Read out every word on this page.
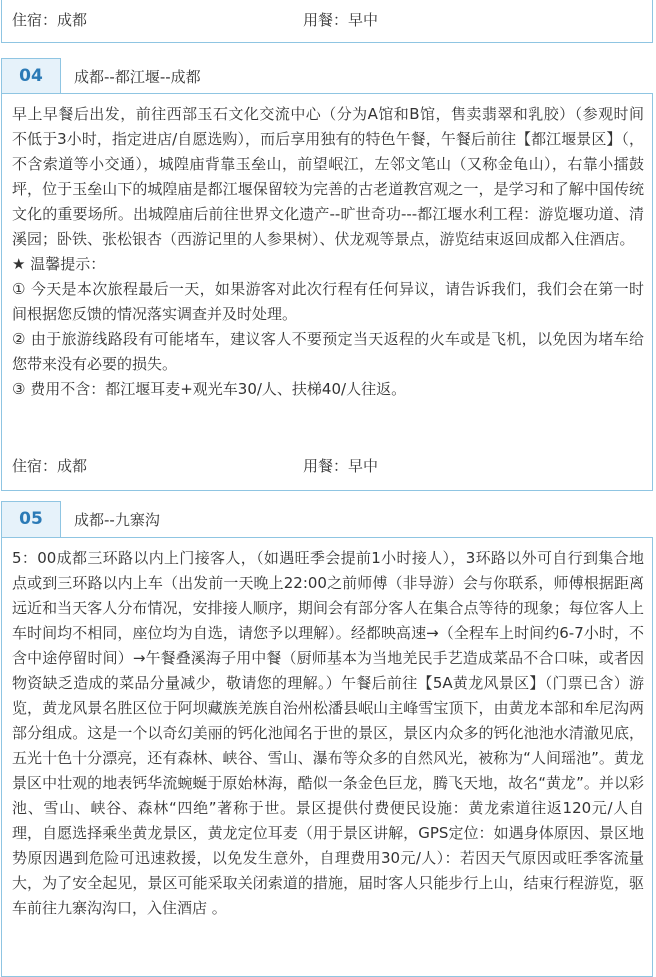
住宿：成都	用餐：早中
04	成都--都江堰--成都

早上早餐后出发，前往西部玉石文化交流中心（分为A馆和B馆，售卖翡翠和乳胶）（参观时间 不低于3小时，指定进店/自愿选购），而后享用独有的特色午餐，午餐后前往【都江堰景区】（，不含索道等小交通），城隍庙背靠玉垒山，前望岷江，左邻文笔山（又称金龟山），右靠小擂鼓坪，位于玉垒山下的城隍庙是都江堰保留较为完善的古老道教宫观之一，是学习和了解中国传统文化的重要场所。出城隍庙后前往世界文化遗产--旷世奇功---都江堰水利工程：游览堰功道、清溪园；卧铁、张松银杏（西游记里的人参果树）、伏龙观等景点，游览结束返回成都入住酒店。

★ 温馨提示：

① 今天是本次旅程最后一天，如果游客对此次行程有任何异议，请告诉我们，我们会在第一时间根据您反馈的情况落实调查并及时处理。

② 由于旅游线路段有可能堵车，建议客人不要预定当天返程的火车或是飞机，以免因为堵车给您带来没有必要的损失。

③ 费用不含：都江堰耳麦+观光车30/人、扶梯40/人往返。

住宿：成都	用餐：早中
05	成都--九寨沟

5：00成都三环路以内上门接客人，（如遇旺季会提前1小时接人），3环路以外可自行到集合地点或到三环路以内上车（出发前一天晚上22:00之前师傅（非导游）会与你联系，师傅根据距离远近和当天客人分布情况，安排接人顺序，期间会有部分客人在集合点等待的现象；每位客人上车时间均不相同，座位均为自选，请您予以理解）。经都映高速→（全程车上时间约6-7小时，不含中途停留时间）→午餐叠溪海子用中餐（厨师基本为当地羌民手艺造成菜品不合口味，或者因物资缺乏造成的菜品分量减少，敬请您的理解。）午餐后前往【5A黄龙风景区】（门票已含）游览，黄龙风景名胜区位于阿坝藏族羌族自治州松潘县岷山主峰雪宝顶下，由黄龙本部和牟尼沟两部分组成。这是一个以奇幻美丽的钙化池闻名于世的景区，景区内众多的钙化池池水清澈见底，五光十色十分漂亮，还有森林、峡谷、雪山、瀑布等众多的自然风光，被称为“人间瑶池”。黄龙景区中壮观的地表钙华流蜿蜒于原始林海，酷似一条金色巨龙，腾飞天地，故名“黄龙”。并以彩池、雪山、峡谷、森林“四绝”著称于世。景区提供付费便民设施：黄龙索道往返120元/人自理，自愿选择乘坐黄龙景区，黄龙定位耳麦（用于景区讲解，GPS定位：如遇身体原因、景区地势原因遇到危险可迅速救援，以免发生意外，自理费用30元/人）：若因天气原因或旺季客流量大，为了安全起见，景区可能采取关闭索道的措施，届时客人只能步行上山，结束行程游览，驱车前往九寨沟沟口，入住酒店 。
